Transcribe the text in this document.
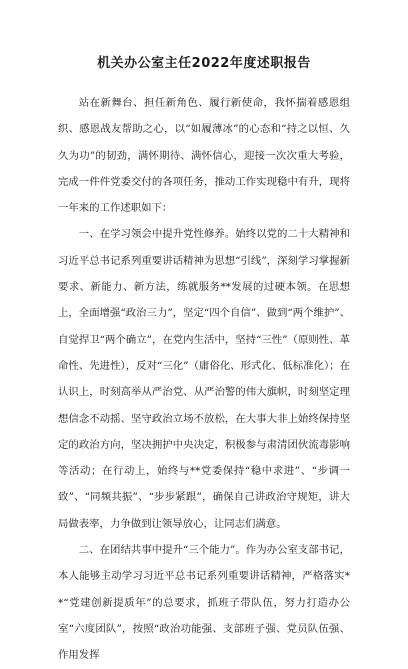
机关办公室主任2022年度述职报告

站在新舞台、担任新角色、履行新使命，我怀揣着感恩组织、感恩战友帮助之心，以“如履薄冰”的心态和“持之以恒、久久为功”的韧劲，满怀期待、满怀信心，迎接一次次重大考验，完成一件件党委交付的各项任务，推动工作实现稳中有升，现将一年来的工作述职如下：

一、在学习领会中提升党性修养。始终以党的二十大精神和习近平总书记系列重要讲话精神为思想“引线”，深刻学习掌握新要求、新能力、新方法，练就服务**发展的过硬本领。在思想上，全面增强“政治三力”，坚定“四个自信”、做到“两个维护”、自觉捍卫“两个确立”，在党内生活中，坚持“三性”（原则性、革命性、先进性），反对“三化”（庸俗化、形式化、低标准化）；在认识上，时刻高举从严治党、从严治警的伟大旗帜，时刻坚定理想信念不动摇、坚守政治立场不放松，在大事大非上始终保持坚定的政治方向，坚决拥护中央决定，积极参与肃清团伙流毒影响等活动；在行动上，始终与**党委保持“稳中求进”、“步调一致”、“同频共振”、“步步紧跟”，确保自己讲政治守规矩，讲大局做表率，力争做到让领导放心，让同志们满意。

二、在团结共事中提升“三个能力”。作为办公室支部书记，本人能够主动学习习近平总书记系列重要讲话精神，严格落实**“党建创新提质年”的总要求，抓班子带队伍，努力打造办公室“六度团队”，按照“政治功能强、支部班子强、党员队伍强、作用发挥
